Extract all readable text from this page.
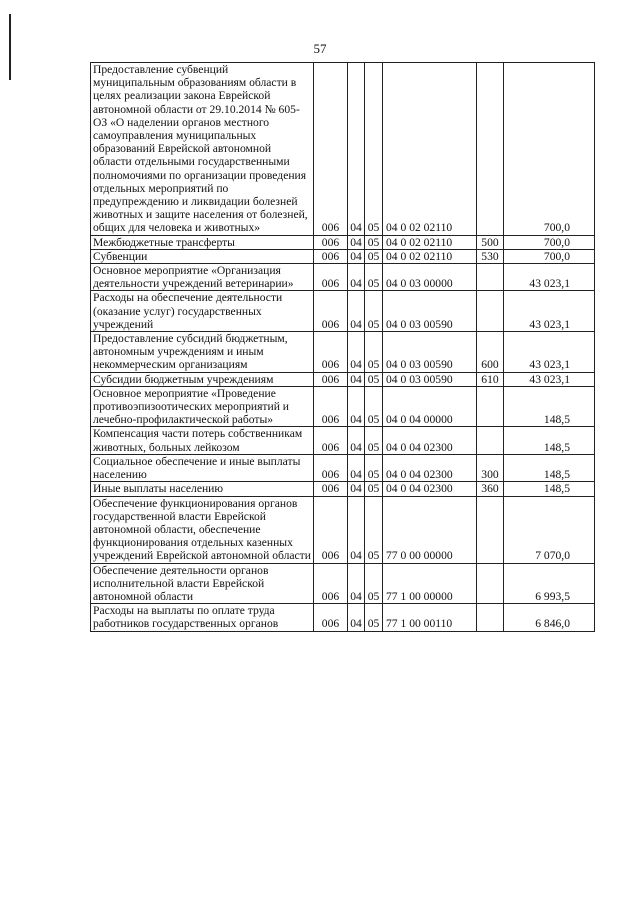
57
Предоставление субвенций муниципальным образованиям области в целях реализации закона Еврейской автономной области от 29.10.2014 № 605-ОЗ «О наделении органов местного самоуправления муниципальных образований Еврейской автономной области отдельными государственными полномочиями по организации проведения отдельных мероприятий по предупреждению и ликвидации болезней животных и защите населения от болезней, общих для человека и животных»	006	04	05	04 0 02 02110		700,0
Межбюджетные трансферты	006	04	05	04 0 02 02110	500	700,0
Субвенции	006	04	05	04 0 02 02110	530	700,0
Основное мероприятие «Организация деятельности учреждений ветеринарии»	006	04	05	04 0 03 00000		43 023,1
Расходы на обеспечение деятельности (оказание услуг) государственных учреждений	006	04	05	04 0 03 00590		43 023,1
Предоставление субсидий бюджетным, автономным учреждениям и иным некоммерческим организациям	006	04	05	04 0 03 00590	600	43 023,1
Субсидии бюджетным учреждениям	006	04	05	04 0 03 00590	610	43 023,1
Основное мероприятие «Проведение противоэпизоотических мероприятий и лечебно-профилактической работы»	006	04	05	04 0 04 00000		148,5
Компенсация части потерь собственникам животных, больных лейкозом	006	04	05	04 0 04 02300		148,5
Социальное обеспечение и иные выплаты населению	006	04	05	04 0 04 02300	300	148,5
Иные выплаты населению	006	04	05	04 0 04 02300	360	148,5
Обеспечение функционирования органов государственной власти Еврейской автономной области, обеспечение функционирования отдельных казенных учреждений Еврейской автономной области	006	04	05	77 0 00 00000		7 070,0
Обеспечение деятельности органов исполнительной власти Еврейской автономной области	006	04	05	77 1 00 00000		6 993,5
Расходы на выплаты по оплате труда работников государственных органов	006	04	05	77 1 00 00110		6 846,0
